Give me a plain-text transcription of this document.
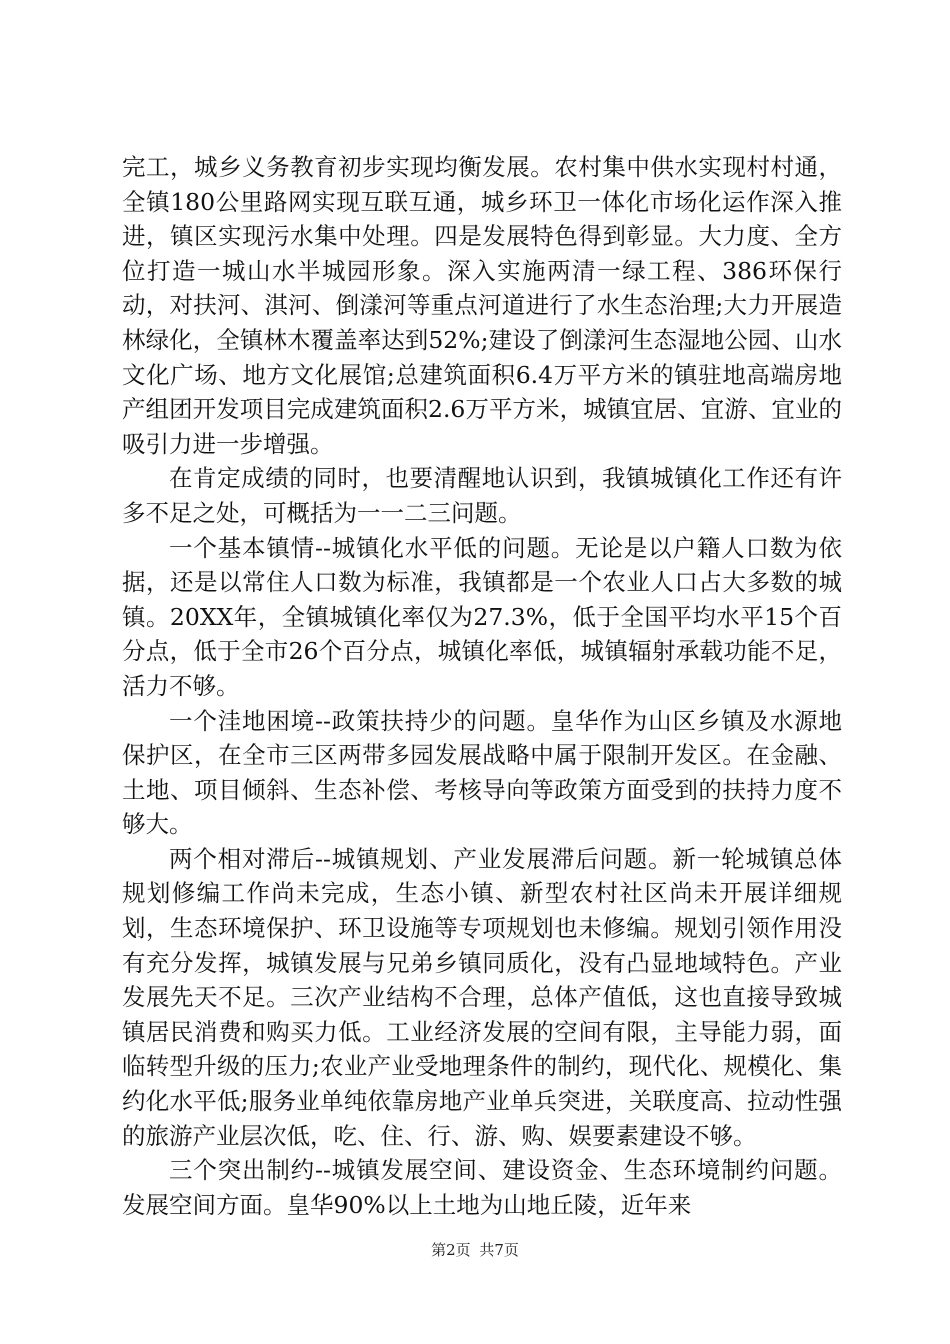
完工，城乡义务教育初步实现均衡发展。农村集中供水实现村村通，全镇180公里路网实现互联互通，城乡环卫一体化市场化运作深入推进，镇区实现污水集中处理。四是发展特色得到彰显。大力度、全方位打造一城山水半城园形象。深入实施两清一绿工程、386环保行动，对扶河、淇河、倒漾河等重点河道进行了水生态治理;大力开展造林绿化，全镇林木覆盖率达到52%;建设了倒漾河生态湿地公园、山水文化广场、地方文化展馆;总建筑面积6.4万平方米的镇驻地高端房地产组团开发项目完成建筑面积2.6万平方米，城镇宜居、宜游、宜业的吸引力进一步增强。

在肯定成绩的同时，也要清醒地认识到，我镇城镇化工作还有许多不足之处，可概括为一一二三问题。

一个基本镇情--城镇化水平低的问题。无论是以户籍人口数为依据，还是以常住人口数为标准，我镇都是一个农业人口占大多数的城镇。20XX年，全镇城镇化率仅为27.3%，低于全国平均水平15个百分点，低于全市26个百分点，城镇化率低，城镇辐射承载功能不足，活力不够。

一个洼地困境--政策扶持少的问题。皇华作为山区乡镇及水源地保护区，在全市三区两带多园发展战略中属于限制开发区。在金融、土地、项目倾斜、生态补偿、考核导向等政策方面受到的扶持力度不够大。

两个相对滞后--城镇规划、产业发展滞后问题。新一轮城镇总体规划修编工作尚未完成，生态小镇、新型农村社区尚未开展详细规划，生态环境保护、环卫设施等专项规划也未修编。规划引领作用没有充分发挥，城镇发展与兄弟乡镇同质化，没有凸显地域特色。产业发展先天不足。三次产业结构不合理，总体产值低，这也直接导致城镇居民消费和购买力低。工业经济发展的空间有限，主导能力弱，面临转型升级的压力;农业产业受地理条件的制约，现代化、规模化、集约化水平低;服务业单纯依靠房地产业单兵突进，关联度高、拉动性强的旅游产业层次低，吃、住、行、游、购、娱要素建设不够。

三个突出制约--城镇发展空间、建设资金、生态环境制约问题。发展空间方面。皇华90%以上土地为山地丘陵，近年来

第2页 共7页
